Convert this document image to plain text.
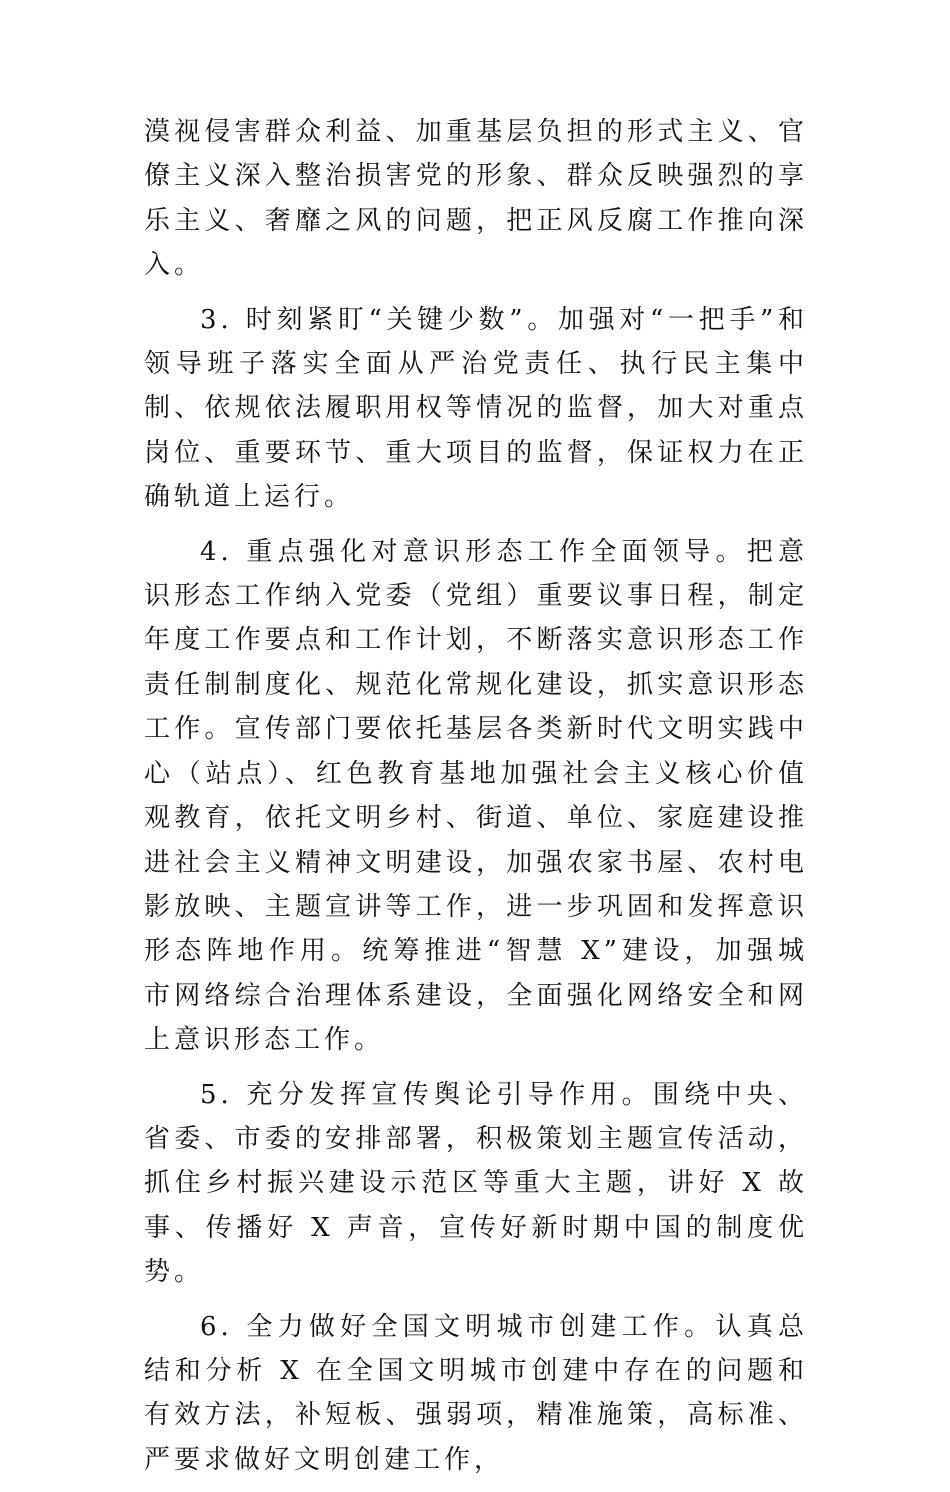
漠视侵害群众利益、加重基层负担的形式主义、官僚主义深入整治损害党的形象、群众反映强烈的享乐主义、奢靡之风的问题，把正风反腐工作推向深入。

3. 时刻紧盯“关键少数”。加强对“一把手”和领导班子落实全面从严治党责任、执行民主集中制、依规依法履职用权等情况的监督，加大对重点岗位、重要环节、重大项目的监督，保证权力在正确轨道上运行。

4. 重点强化对意识形态工作全面领导。把意识形态工作纳入党委（党组）重要议事日程，制定年度工作要点和工作计划，不断落实意识形态工作责任制制度化、规范化常规化建设，抓实意识形态工作。宣传部门要依托基层各类新时代文明实践中心（站点）、红色教育基地加强社会主义核心价值观教育，依托文明乡村、街道、单位、家庭建设推进社会主义精神文明建设，加强农家书屋、农村电影放映、主题宣讲等工作，进一步巩固和发挥意识形态阵地作用。统筹推进“智慧 X”建设，加强城市网络综合治理体系建设，全面强化网络安全和网上意识形态工作。

5. 充分发挥宣传舆论引导作用。围绕中央、省委、市委的安排部署，积极策划主题宣传活动，抓住乡村振兴建设示范区等重大主题，讲好 X 故事、传播好 X 声音，宣传好新时期中国的制度优势。

6. 全力做好全国文明城市创建工作。认真总结和分析 X 在全国文明城市创建中存在的问题和有效方法，补短板、强弱项，精准施策，高标准、严要求做好文明创建工作，
